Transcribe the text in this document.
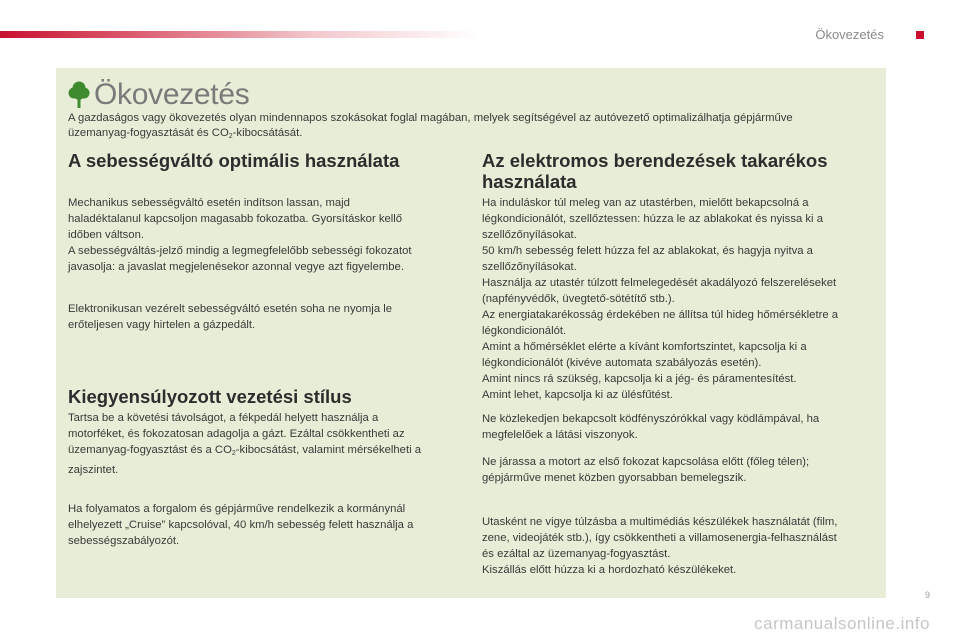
Ökovezetés
Ökovezetés
A gazdaságos vagy ökovezetés olyan mindennapos szokásokat foglal magában, melyek segítségével az autóvezető optimalizálhatja gépjárműve
üzemanyag-fogyasztását és $CO_2$-kibocsátását.
A sebességváltó optimális használata

Mechanikus sebességváltó esetén indítson lassan, majd
haladéktalanul kapcsoljon magasabb fokozatba. Gyorsításkor kellő
időben váltson.
A sebességváltás-jelző mindig a legmegfelelőbb sebességi fokozatot
javasolja: a javaslat megjelenésekor azonnal vegye azt figyelembe.

Elektronikusan vezérelt sebességváltó esetén soha ne nyomja le
erőteljesen vagy hirtelen a gázpedált.

Kiegyensúlyozott vezetési stílus

Tartsa be a követési távolságot, a fékpedál helyett használja a
motorféket, és fokozatosan adagolja a gázt. Ezáltal csökkentheti az
üzemanyag-fogyasztást és a $CO_2$-kibocsátást, valamint mérsékelheti a
zajszintet.

Ha folyamatos a forgalom és gépjárműve rendelkezik a kormánynál
elhelyezett „Cruise” kapcsolóval, 40 km/h sebesség felett használja a
sebességszabályozót.

Az elektromos berendezések takarékos
használata

Ha induláskor túl meleg van az utastérben, mielőtt bekapcsolná a
légkondicionálót, szellőztessen: húzza le az ablakokat és nyissa ki a
szellőzőnyílásokat.
50 km/h sebesség felett húzza fel az ablakokat, és hagyja nyitva a
szellőzőnyílásokat.
Használja az utastér túlzott felmelegedését akadályozó felszereléseket
(napfényvédők, üvegtető-sötétítő stb.).
Az energiatakarékosság érdekében ne állítsa túl hideg hőmérsékletre a
légkondicionálót.
Amint a hőmérséklet elérte a kívánt komfortszintet, kapcsolja ki a
légkondicionálót (kivéve automata szabályozás esetén).
Amint nincs rá szükség, kapcsolja ki a jég- és páramentesítést.
Amint lehet, kapcsolja ki az ülésfűtést.

Ne közlekedjen bekapcsolt ködfényszórókkal vagy ködlámpával, ha
megfelelőek a látási viszonyok.

Ne járassa a motort az első fokozat kapcsolása előtt (főleg télen);
gépjárműve menet közben gyorsabban bemelegszik.

Utasként ne vigye túlzásba a multimédiás készülékek használatát (film,
zene, videojáték stb.), így csökkentheti a villamosenergia-felhasználást
és ezáltal az üzemanyag-fogyasztást.
Kiszállás előtt húzza ki a hordozható készülékeket.

9
carmanualsonline.info
